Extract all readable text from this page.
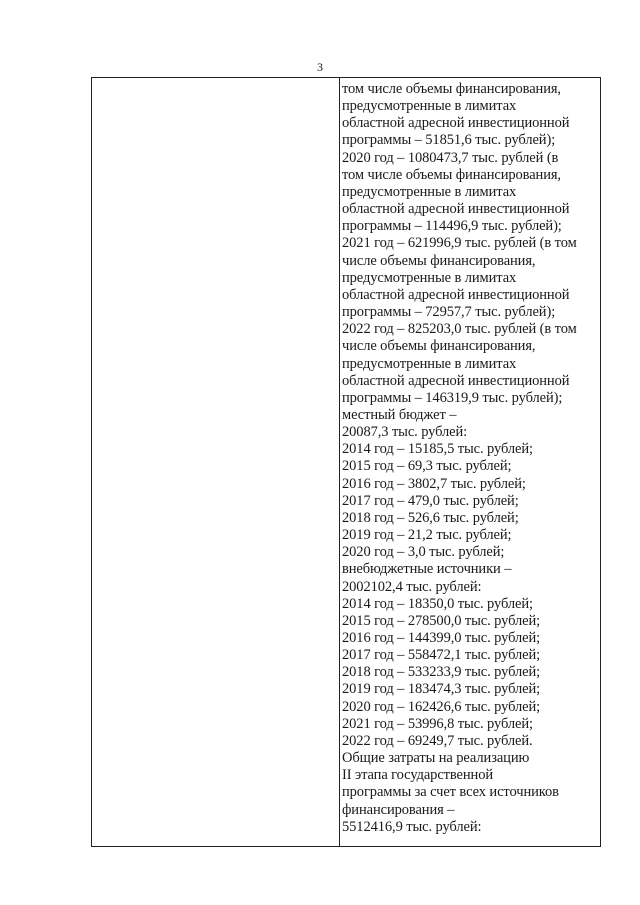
3
том числе объемы финансирования,
предусмотренные в лимитах
областной адресной инвестиционной
программы – 51851,6 тыс. рублей);
2020 год – 1080473,7 тыс. рублей (в
том числе объемы финансирования,
предусмотренные в лимитах
областной адресной инвестиционной
программы – 114496,9 тыс. рублей);
2021 год – 621996,9 тыс. рублей (в том
числе объемы финансирования,
предусмотренные в лимитах
областной адресной инвестиционной
программы – 72957,7 тыс. рублей);
2022 год – 825203,0 тыс. рублей (в том
числе объемы финансирования,
предусмотренные в лимитах
областной адресной инвестиционной
программы – 146319,9 тыс. рублей);
местный бюджет –
20087,3 тыс. рублей:
2014 год – 15185,5 тыс. рублей;
2015 год – 69,3 тыс. рублей;
2016 год – 3802,7 тыс. рублей;
2017 год – 479,0 тыс. рублей;
2018 год – 526,6 тыс. рублей;
2019 год – 21,2 тыс. рублей;
2020 год – 3,0 тыс. рублей;
внебюджетные источники –
2002102,4 тыс. рублей:
2014 год – 18350,0 тыс. рублей;
2015 год – 278500,0 тыс. рублей;
2016 год – 144399,0 тыс. рублей;
2017 год – 558472,1 тыс. рублей;
2018 год – 533233,9 тыс. рублей;
2019 год – 183474,3 тыс. рублей;
2020 год – 162426,6 тыс. рублей;
2021 год – 53996,8 тыс. рублей;
2022 год – 69249,7 тыс. рублей.
Общие затраты на реализацию
II этапа государственной
программы за счет всех источников
финансирования –
5512416,9 тыс. рублей:
